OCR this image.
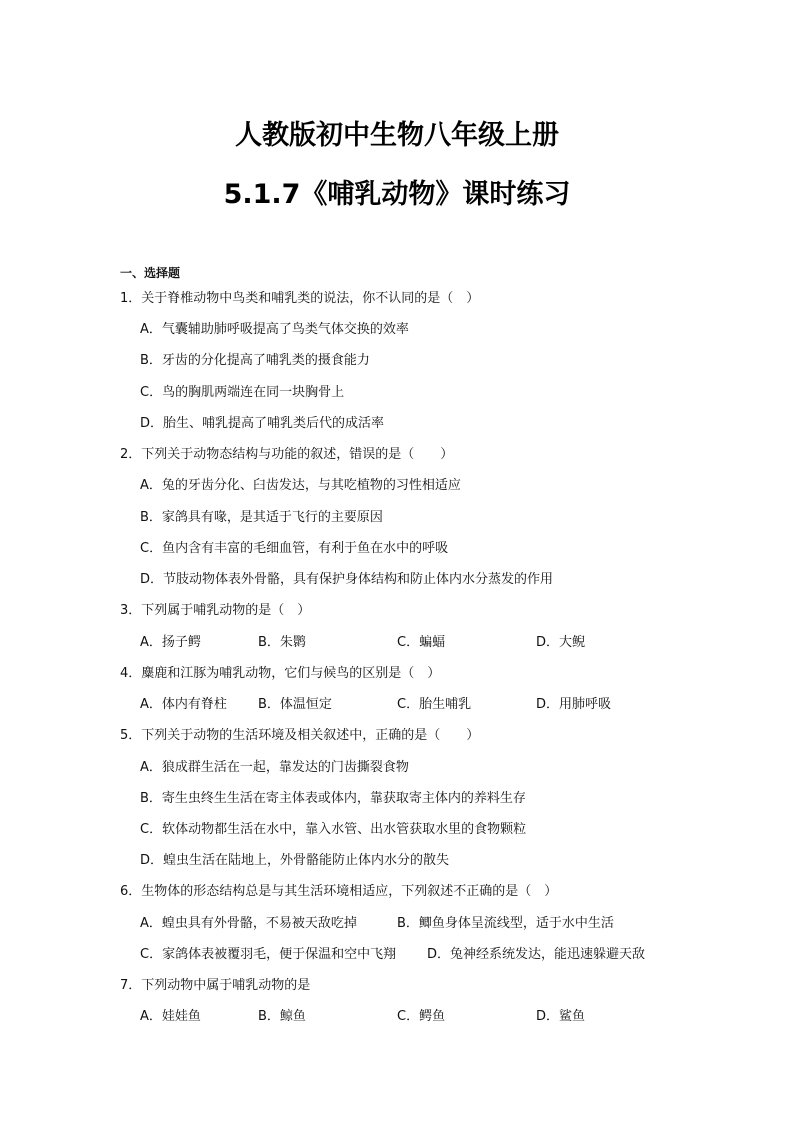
人教版初中生物八年级上册
5.1.7《哺乳动物》课时练习
一、选择题
1．关于脊椎动物中鸟类和哺乳类的说法，你不认同的是（　）
A．气囊辅助肺呼吸提高了鸟类气体交换的效率
B．牙齿的分化提高了哺乳类的摄食能力
C．鸟的胸肌两端连在同一块胸骨上
D．胎生、哺乳提高了哺乳类后代的成活率
2．下列关于动物态结构与功能的叙述，错误的是（　　）
A．兔的牙齿分化、臼齿发达，与其吃植物的习性相适应
B．家鸽具有喙，是其适于飞行的主要原因
C．鱼内含有丰富的毛细血管，有利于鱼在水中的呼吸
D．节肢动物体表外骨骼，具有保护身体结构和防止体内水分蒸发的作用
3．下列属于哺乳动物的是（　）
A．扬子鳄	B．朱鹮	C．蝙蝠	D．大鲵
4．麋鹿和江豚为哺乳动物，它们与候鸟的区别是（　）
A．体内有脊柱 B．体温恒定	C．胎生哺乳	D．用肺呼吸
5．下列关于动物的生活环境及相关叙述中，正确的是（　　）
A．狼成群生活在一起，靠发达的门齿撕裂食物
B．寄生虫终生生活在寄主体表或体内，靠获取寄主体内的养料生存
C．软体动物都生活在水中，靠入水管、出水管获取水里的食物颗粒
D．蝗虫生活在陆地上，外骨骼能防止体内水分的散失
6．生物体的形态结构总是与其生活环境相适应，下列叙述不正确的是（　）
A．蝗虫具有外骨骼，不易被天敌吃掉	B．鲫鱼身体呈流线型，适于水中生活
C．家鸽体表被覆羽毛，便于保温和空中飞翔 D．兔神经系统发达，能迅速躲避天敌
7．下列动物中属于哺乳动物的是
A．娃娃鱼	B．鲸鱼	C．鳄鱼	D．鲨鱼
